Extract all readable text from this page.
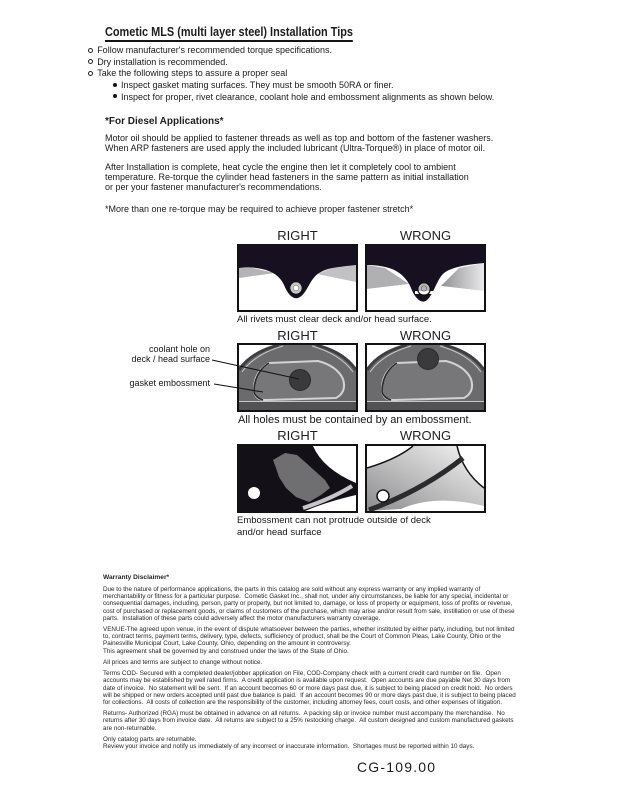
Cometic MLS (multi layer steel) Installation Tips
Follow manufacturer's recommended torque specifications.
Dry installation is recommended.
Take the following steps to assure a proper seal
Inspect gasket mating surfaces. They must be smooth 50RA or finer.
Inspect for proper, rivet clearance, coolant hole and embossment alignments as shown below.
*For Diesel Applications*
Motor oil should be applied to fastener threads as well as top and bottom of the fastener washers.
When ARP fasteners are used apply the included lubricant (Ultra-Torque®) in place of motor oil.
After Installation is complete, heat cycle the engine then let it completely cool to ambient
temperature. Re-torque the cylinder head fasteners in the same pattern as initial installation
or per your fastener manufacturer's recommendations.
*More than one re-torque may be required to achieve proper fastener stretch*
RIGHT	WRONG
All rivets must clear deck and/or head surface.
RIGHT	WRONG
coolant hole on
deck / head surface
gasket embossment
All holes must be contained by an embossment.
RIGHT	WRONG
Embossment can not protrude outside of deck
and/or head surface
Warranty Disclaimer*

Due to the nature of performance applications, the parts in this catalog are sold without any express warranty or any implied warranty of merchantability or fitness for a particular purpose.  Cometic Gasket Inc., shall not, under any circumstances, be liable for any special, incidental or consequential damages, including, person, party or property, but not limited to, damage, or loss of property or equipment, loss of profits or revenue, cost of purchased or replacement goods, or claims of customers of the purchase, which may arise and/or result from sale, instillation or use of these parts.  Installation of these parts could adversely affect the motor manufacturers warranty coverage.

VENUE-The agreed upon venue, in the event of dispute whatsoever between the parties, whether instituted by either party, including, but not limited to, contract terms, payment terms, delivery, type, defects, sufficiency of product, shall be the Court of Common Pleas, Lake County, Ohio or the Painesville Municipal Court, Lake County, Ohio, depending on the amount in controversy.

This agreement shall be governed by and construed under the laws of the State of Ohio.

All prices and terms are subject to change without notice.

Terms COD- Secured with a completed dealer/jobber application on File, COD-Company check with a current credit card number on file.  Open accounts may be established by well rated firms.  A credit application is available upon request.  Open accounts are due payable Net 30 days from date of invoice.  No statement will be sent.  If an account becomes 60 or more days past due, it is subject to being placed on credit hold.  No orders will be shipped or new orders accepted until past due balance is paid.  If an account becomes 90 or more days past due, it is subject to being placed for collections.  All costs of collection are the responsibility of the customer, including attorney fees, court costs, and other expenses of litigation.

Returns- Authorized (RGA) must be obtained in advance on all returns.  A packing slip or invoice number must accompany the merchandise.  No returns after 30 days from invoice date.  All returns are subject to a 25% restocking charge.  All custom designed and custom manufactured gaskets are non-returnable.

Only catalog parts are returnable.

Review your invoice and notify us immediately of any incorrect or inaccurate information.  Shortages must be reported within 10 days.

CG-109.00
